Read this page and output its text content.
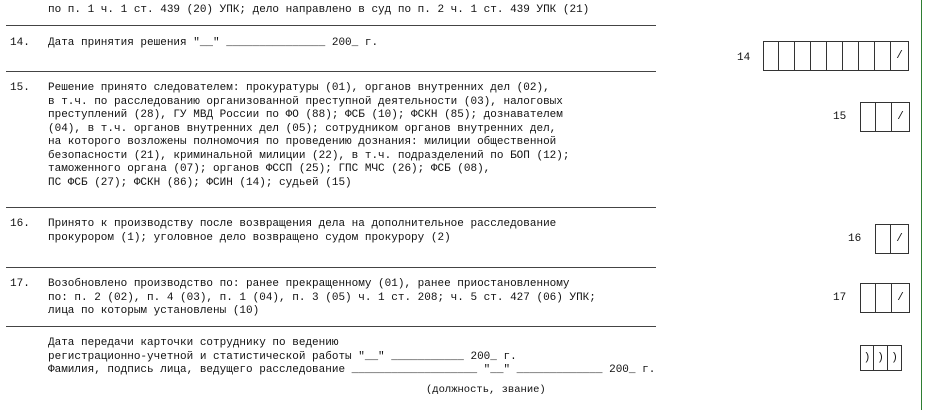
по п. 1 ч. 1 ст. 439 (20) УПК; дело направлено в суд по п. 2 ч. 1 ст. 439 УПК (21)
14. Дата принятия решения "__" _______________ 200_ г.
14	/
15. Решение принято следователем: прокуратуры (01), органов внутренних дел (02),
в т.ч. по расследованию организованной преступной деятельности (03), налоговых
преступлений (28), ГУ МВД России по ФО (88); ФСБ (10); ФСКН (85); дознавателем
(04), в т.ч. органов внутренних дел (05); сотрудником органов внутренних дел,
на которого возложены полномочия по проведению дознания: милиции общественной
безопасности (21), криминальной милиции (22), в т.ч. подразделений по БОП (12);
таможенного органа (07); органов ФССП (25); ГПС МЧС (26); ФСБ (08),
ПС ФСБ (27); ФСКН (86); ФСИН (14); судьей (15)
15	/
16. Принято к производству после возвращения дела на дополнительное расследование
прокурором (1); уголовное дело возвращено судом прокурору (2)	16	/
17. Возобновлено производство по: ранее прекращенному (01), ранее приостановленному
по: п. 2 (02), п. 4 (03), п. 1 (04), п. 3 (05) ч. 1 ст. 208; ч. 5 ст. 427 (06) УПК;
лица по которым установлены (10)
17	/
Дата передачи карточки сотруднику по ведению
регистрационно-учетной и статистической работы "__" ___________ 200_ г.
Фамилия, подпись лица, ведущего расследование ___________________ "__" _____________ 200_ г.
(должность, звание)
) ) )
